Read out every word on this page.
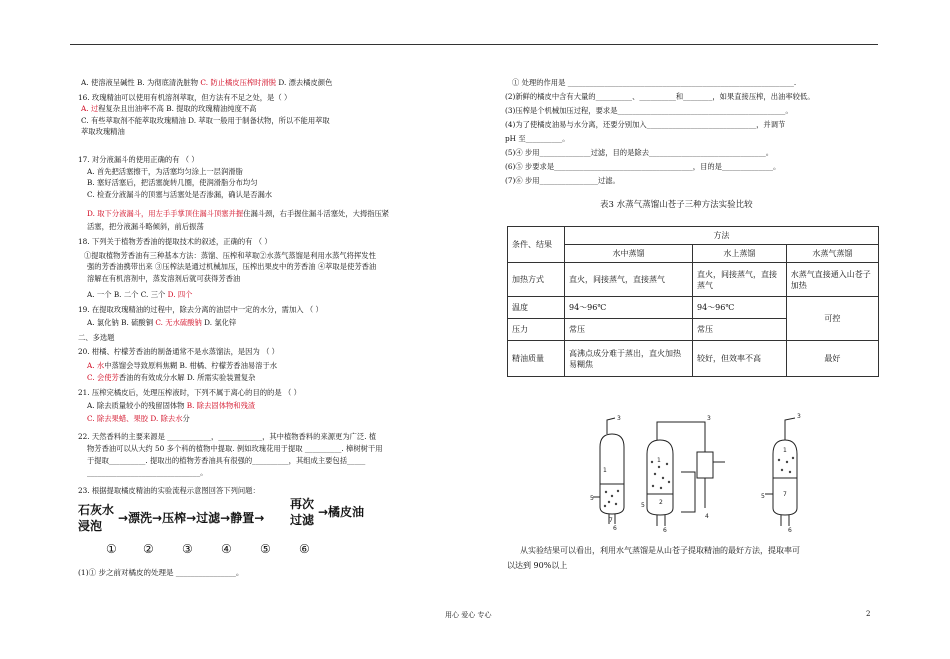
A. 使溶液呈碱性 B. 为彻底清洗脏物 C. 防止橘皮压榨时滑脱 D. 漂去橘皮颜色
16. 玫瑰精油可以使用有机溶剂萃取，但方法有不足之处，是（ ）
A. 过程复杂且出油率不高 B. 提取的玫瑰精油纯度不高
C. 有些萃取剂不能萃取玫瑰精油 D. 萃取一般用于制备状物，所以不能用萃取
萃取玫瑰精油
17. 对分液漏斗的使用正确的有 （ ）
A. 首先把活塞擦干，为活塞均匀涂上一层润滑脂
B. 塞好活塞后，把活塞旋转几圈，使润滑脂分布均匀
C. 检查分液漏斗的顶塞与活塞处是否渗漏，确认是否漏水
D. 取下分液漏斗，用左手手掌顶住漏斗顶塞并握住漏斗颈，右手握住漏斗活塞处，大拇指压紧
活塞，把分液漏斗略倾斜，前后振荡
18. 下列关于植物芳香油的提取技术的叙述，正确的有 （ ）
①提取植物芳香油有三种基本方法：蒸馏、压榨和萃取②水蒸气蒸馏是利用水蒸气将挥发性
强的芳香油携带出来 ③压榨法是通过机械加压，压榨出果皮中的芳香油 ④萃取是使芳香油
溶解在有机溶剂中，蒸发溶剂后就可获得芳香油
A. 一个 B. 二个 C. 三个 D. 四个
19. 在提取玫瑰精油的过程中，除去分离的油层中一定的水分，需加入 （ ）
A. 氯化钠 B. 硫酸铜 C. 无水硫酸钠 D. 氯化锌
二、多选题
20. 柑橘、柠檬芳香油的制备通常不是水蒸馏法，是因为 （ ）
A. 水中蒸馏会导致原料焦糊 B. 柑橘、柠檬芳香油易溶于水
C. 会使芳香油的有效成分水解 D. 所需实验装置复杂
21. 压榨完橘皮后，处理压榨液时，下列不属于离心的目的的是 （ ）
A. 除去质量较小的残留固体物 B. 除去固体物和残渣
C. 除去果蜡、果胶 D. 除去水分
22. 天然香料的主要来源是 ____________，____________，其中植物香料的来源更为广泛. 植
物芳香油可以从大约 50 多个科的植物中提取. 例如玫瑰花用于提取 __________. 樟树树干用
于提取__________. 提取出的植物芳香油具有很强的__________，其组成主要包括_____
_______________________________。
23. 根据提取橘皮精油的实验流程示意图回答下列问题：
石灰水
浸泡
→漂洗→压榨→过滤→静置→
再次
过滤
→橘皮油
① ② ③ ④ ⑤ ⑥
(1)① 步之前对橘皮的处理是 ________________。
① 处理的作用是 ______________________________________________________________.
(2)新鲜的橘皮中含有大量的__________、__________和________，如果直接压榨，出油率较低。
(3)压榨是个机械加压过程，要求是______________________________________________。
(4)为了使橘皮油易与水分离，还要分别加入______________________________，并调节
pH 至__________。
(5)④ 步用______________过滤，目的是除去________________________________。
(6)⑤ 步要求是______________________________________，目的是______________。
(7)⑥ 步用________________过滤。
表3 水蒸气蒸馏山苍子三种方法实验比较
条件、结果	方法		
	水中蒸馏	水上蒸馏	水蒸气蒸馏
加热方式	直火，间接蒸气，直接蒸气	直火，间接蒸气，直接蒸气	水蒸气直接通入山苍子加热
温度	94～96℃	94～96℃	可控
压力	常压	常压	
精油质量	高沸点成分难于蒸出，直火加热易糊焦	较好，但效率不高	最好
3
1
5
6
3
1
5
6
2
3
1
5
6
7
7
4
从实验结果可以看出，利用水气蒸馏是从山苍子提取精油的最好方法，提取率可
以达到 90%以上
用心 爱心 专心	2
